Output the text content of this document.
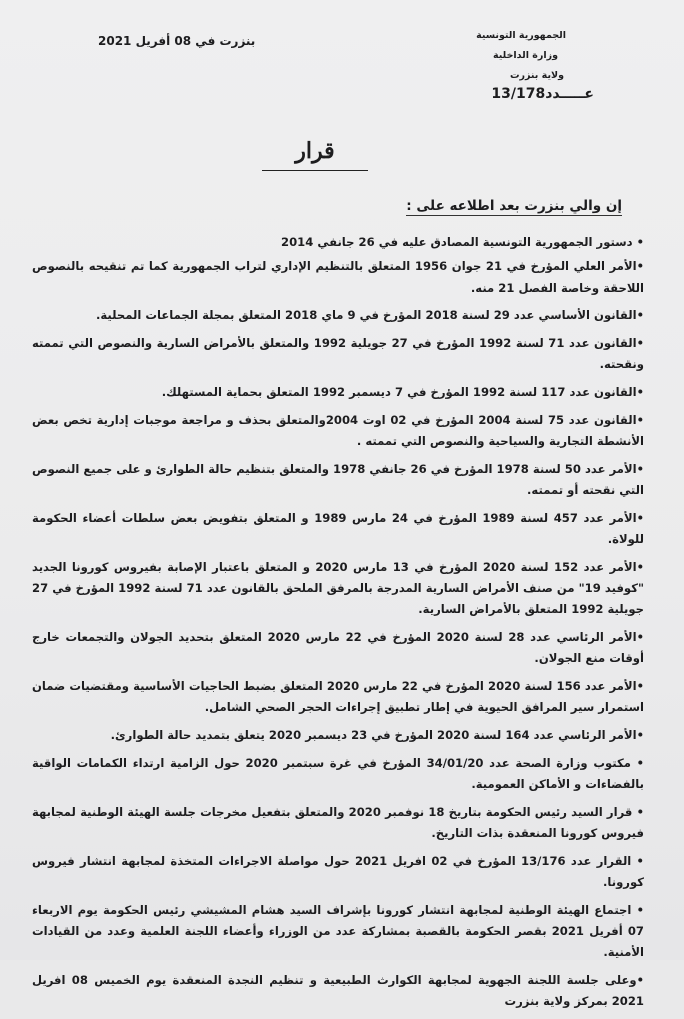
الجمهورية التونسية
وزارة الداخلية
ولاية بنزرت
بنزرت في 08 أفريل 2021
عـــــدد13/178
قرار
إن والي بنزرت بعد اطلاعه على :

• دستور الجمهورية التونسية المصادق عليه في 26 جانفي 2014

•الأمر العلي المؤرخ في 21 جوان 1956 المتعلق بالتنظيم الإداري لتراب الجمهورية كما تم تنقيحه بالنصوص اللاحقة وخاصة الفصل 21 منه.

•القانون الأساسي عدد 29 لسنة 2018 المؤرخ في 9 ماي 2018 المتعلق بمجلة الجماعات المحلية.

•القانون عدد 71 لسنة 1992 المؤرخ في 27 جويلية 1992 والمتعلق بالأمراض السارية والنصوص التي تممته ونقحته.

•القانون عدد 117 لسنة 1992 المؤرخ في 7 ديسمبر 1992 المتعلق بحماية المستهلك.

•القانون عدد 75 لسنة 2004 المؤرخ في 02 اوت 2004والمتعلق بحذف و مراجعة موجبات إدارية تخص بعض الأنشطة التجارية والسياحية والنصوص التي تممته .

•الأمر عدد 50 لسنة 1978 المؤرخ في 26 جانفي 1978 والمتعلق بتنظيم حالة الطوارئ و على جميع النصوص التي نقحته أو تممته.

•الأمر عدد 457 لسنة 1989 المؤرخ في 24 مارس 1989 و المتعلق بتفويض بعض سلطات أعضاء الحكومة للولاة.

•الأمر عدد 152 لسنة 2020 المؤرخ في 13 مارس 2020 و المتعلق باعتبار الإصابة بفيروس كورونا الجديد "كوفيد 19" من صنف الأمراض السارية المدرجة بالمرفق الملحق بالقانون عدد 71 لسنة 1992 المؤرخ في 27 جويلية 1992 المتعلق بالأمراض السارية.

•الأمر الرئاسي عدد 28 لسنة 2020 المؤرخ في 22 مارس 2020 المتعلق بتحديد الجولان والتجمعات خارج أوقات منع الجولان.

•الأمر عدد 156 لسنة 2020 المؤرخ في 22 مارس 2020 المتعلق بضبط الحاجيات الأساسية ومقتضيات ضمان استمرار سير المرافق الحيوية في إطار تطبيق إجراءات الحجر الصحي الشامل.

•الأمر الرئاسي عدد 164 لسنة 2020 المؤرخ في 23 ديسمبر 2020 يتعلق بتمديد حالة الطوارئ.

• مكتوب وزارة الصحة عدد 34/01/20 المؤرخ في غرة سبتمبر 2020 حول الزامية ارتداء الكمامات الواقية بالفضاءات و الأماكن العمومية.

• قرار السيد رئيس الحكومة بتاريخ 18 نوفمبر 2020 والمتعلق بتفعيل مخرجات جلسة الهيئة الوطنية لمجابهة فيروس كورونا المنعقدة بذات التاريخ.

• القرار عدد 13/176 المؤرخ في 02 افريل 2021 حول مواصلة الاجراءات المتخذة لمجابهة انتشار فيروس كورونا.

• اجتماع الهيئة الوطنية لمجابهة انتشار كورونا بإشراف السيد هشام المشيشي رئيس الحكومة يوم الاربعاء 07 أفريل 2021 بقصر الحكومة بالقصبة بمشاركة عدد من الوزراء وأعضاء اللجنة العلمية وعدد من القيادات الأمنية.

•وعلى جلسة اللجنة الجهوية لمجابهة الكوارث الطبيعية و تنظيم النجدة المنعقدة يوم الخميس 08 افريل 2021 بمركز ولاية بنزرت
